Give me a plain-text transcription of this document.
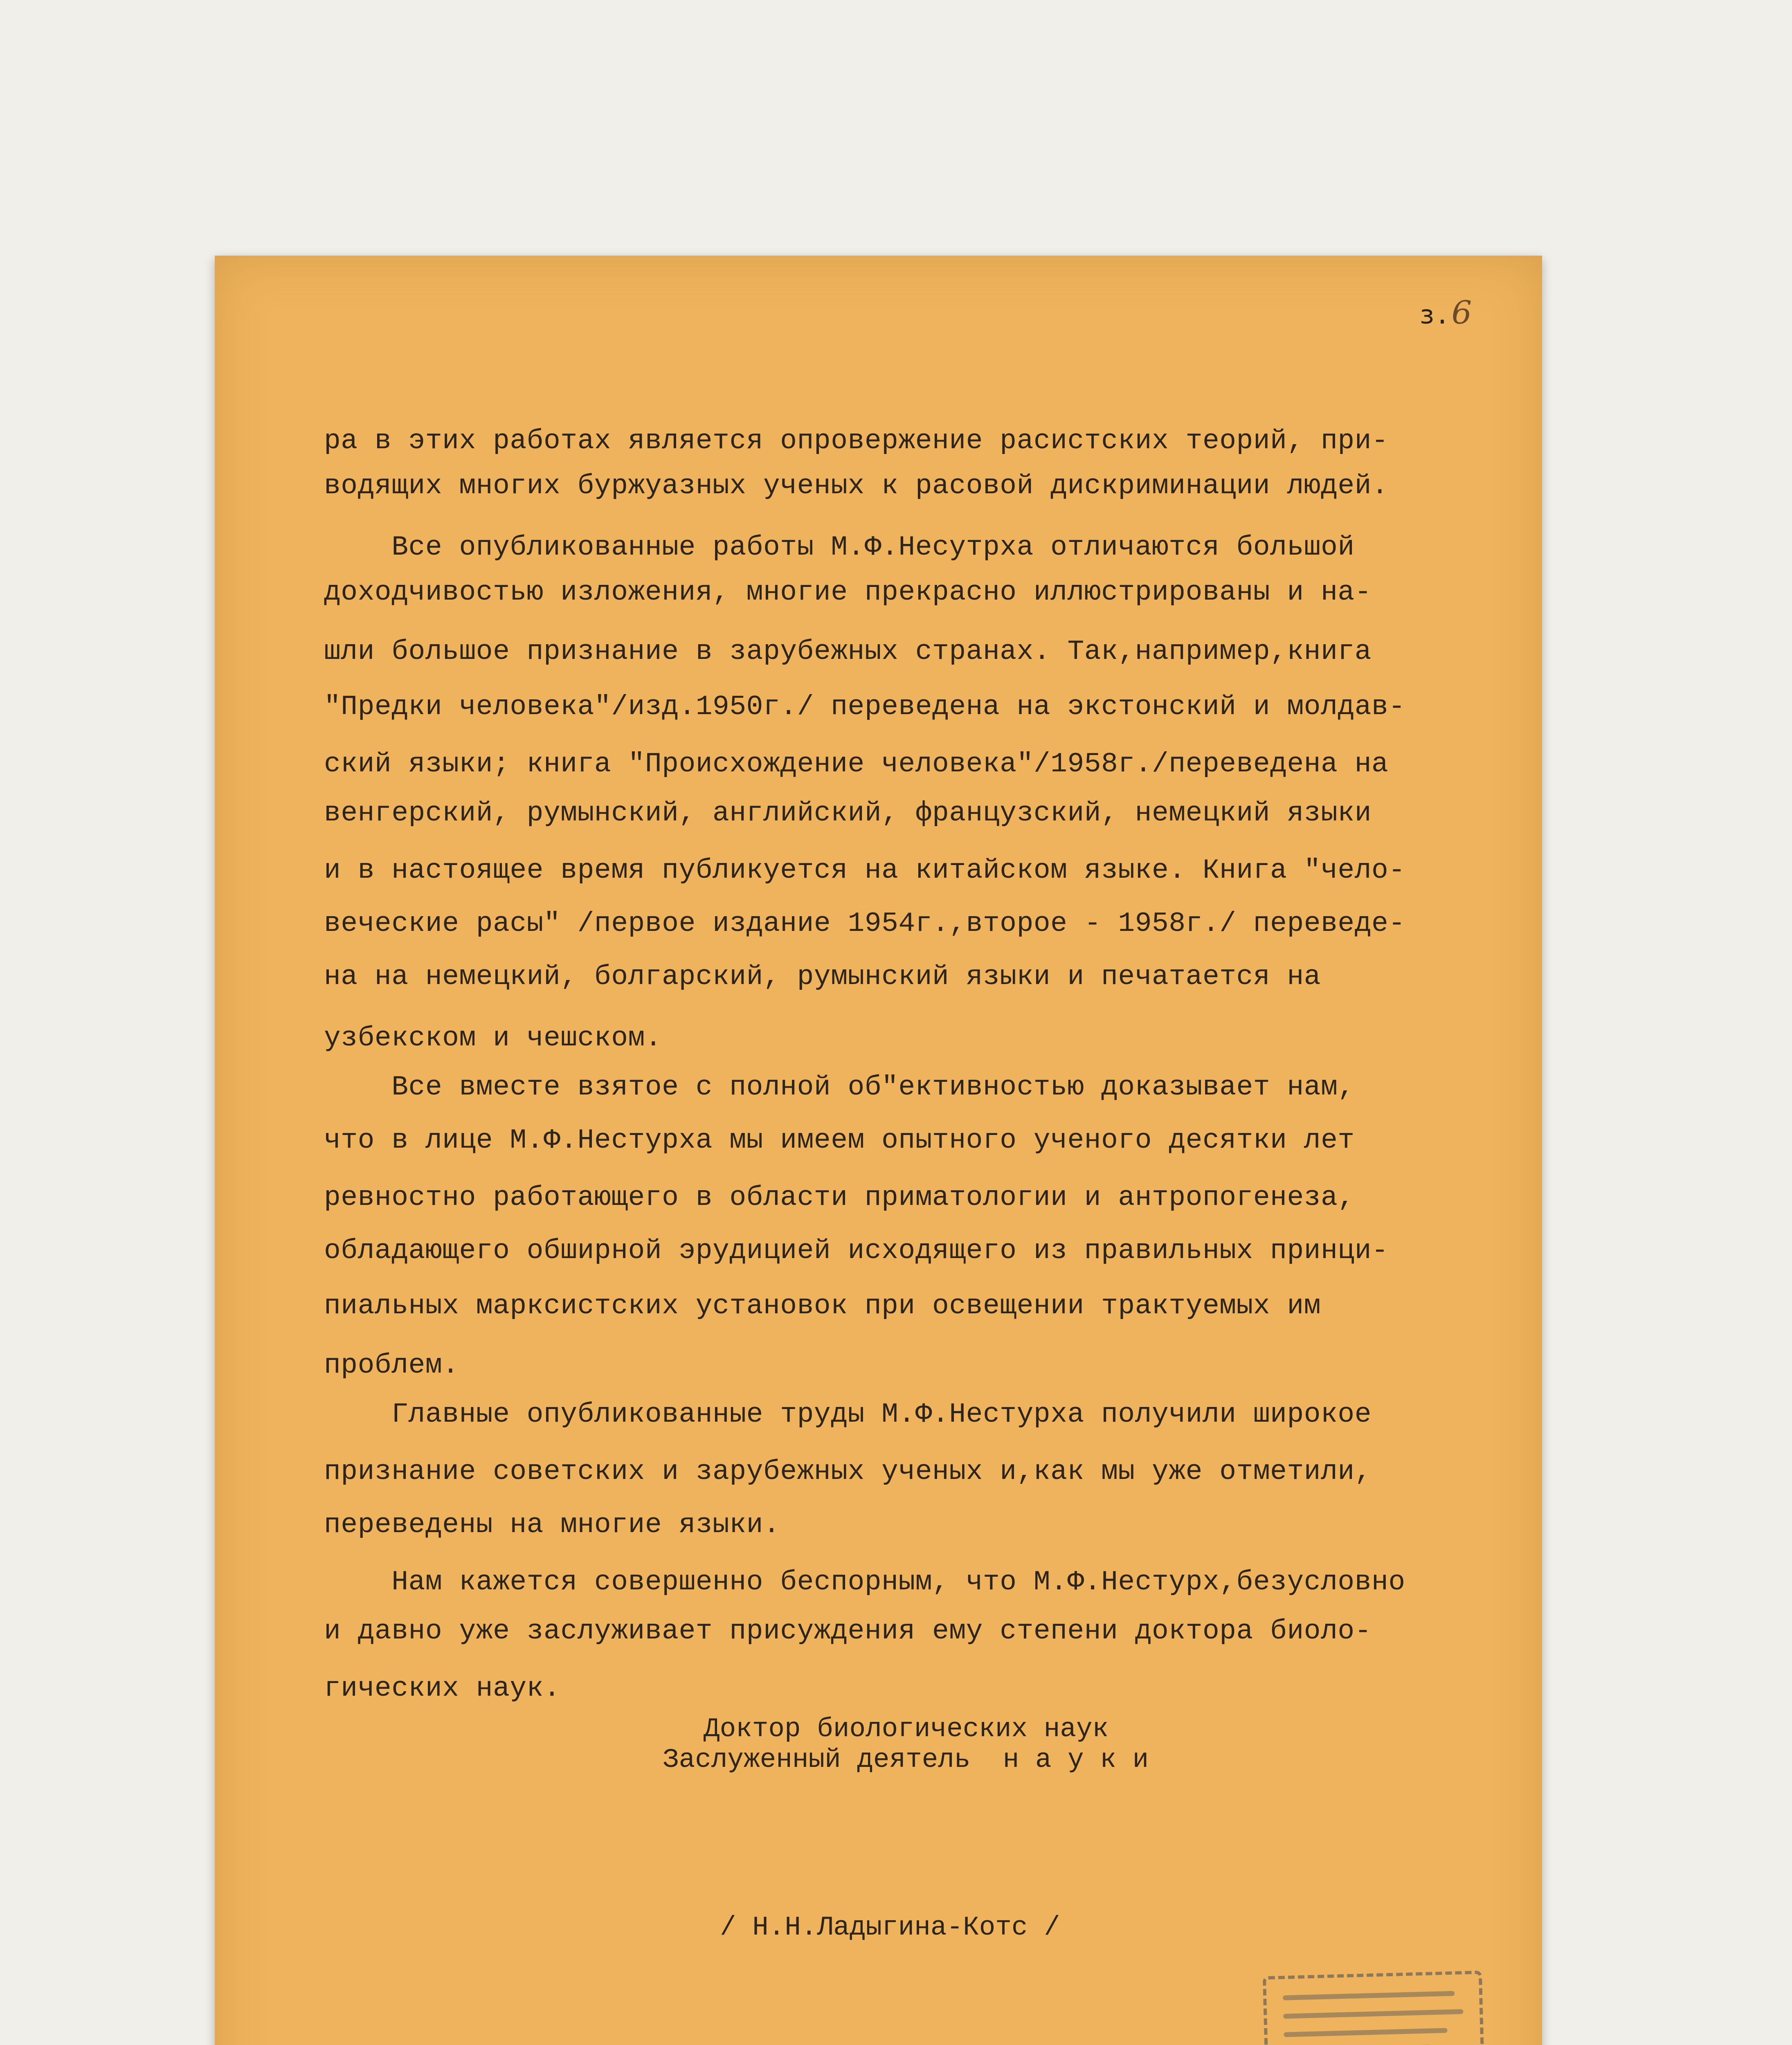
з.6
ра в этих работах является опровержение расистских теорий, при-
водящих многих буржуазных ученых к расовой дискриминации людей.
Все опубликованные работы М.Ф.Несутрха отличаются большой
доходчивостью изложения, многие прекрасно иллюстрированы и на-
шли большое признание в зарубежных странах. Так,например,книга
"Предки человека"/изд.1950г./ переведена на экстонский и молдав-
ский языки; книга "Происхождение человека"/1958г./переведена на
венгерский, румынский, английский, французский, немецкий языки
и в настоящее время публикуется на китайском языке. Книга "чело-
веческие расы" /первое издание 1954г.,второе - 1958г./ переведе-
на на немецкий, болгарский, румынский языки и печатается на
узбекском и чешском.
Все вместе взятое с полной об"ективностью доказывает нам,
что в лице М.Ф.Нестурха мы имеем опытного ученого десятки лет
ревностно работающего в области приматологии и антропогенеза,
обладающего обширной эрудицией исходящего из правильных принци-
пиальных марксистских установок при освещении трактуемых им
проблем.
Главные опубликованные труды М.Ф.Нестурха получили широкое
признание советских и зарубежных ученых и,как мы уже отметили,
переведены на многие языки.
Нам кажется совершенно беспорным, что М.Ф.Нестурх,безусловно
и давно уже заслуживает присуждения ему степени доктора биоло-
гических наук.
Доктор биологических наук
Заслуженный деятель  н а у к и
/ Н.Н.Ладыгина-Котс /
